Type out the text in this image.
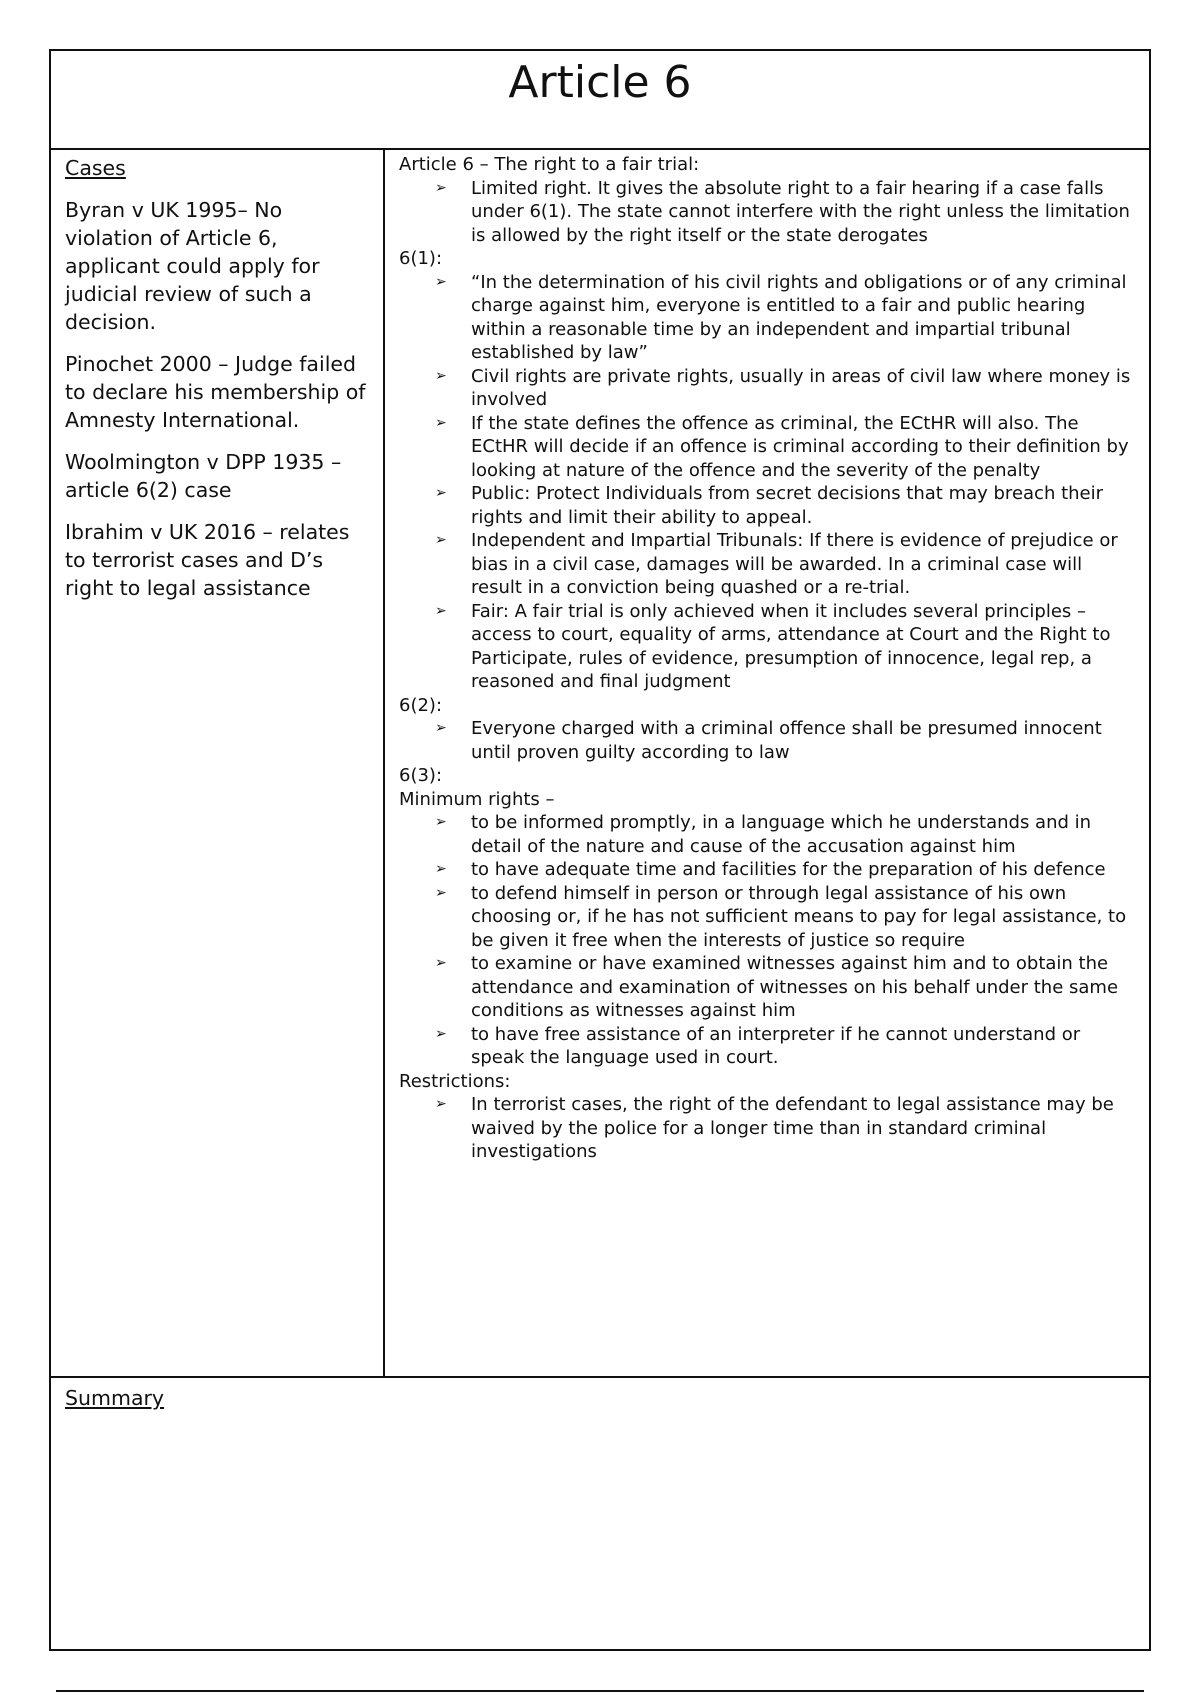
Article 6

Cases

Byran v UK 1995– No violation of Article 6, applicant could apply for judicial review of such a decision.

Pinochet 2000 – Judge failed to declare his membership of Amnesty International.

Woolmington v DPP 1935 – article 6(2) case

Ibrahim v UK 2016 – relates to terrorist cases and D’s right to legal assistance

Article 6 – The right to a fair trial:

➢ Limited right. It gives the absolute right to a fair hearing if a case falls under 6(1). The state cannot interfere with the right unless the limitation is allowed by the right itself or the state derogates

6(1):

➢ “In the determination of his civil rights and obligations or of any criminal charge against him, everyone is entitled to a fair and public hearing within a reasonable time by an independent and impartial tribunal established by law”
➢ Civil rights are private rights, usually in areas of civil law where money is involved
➢ If the state defines the offence as criminal, the ECtHR will also. The ECtHR will decide if an offence is criminal according to their definition by looking at nature of the offence and the severity of the penalty
➢ Public: Protect Individuals from secret decisions that may breach their rights and limit their ability to appeal.
➢ Independent and Impartial Tribunals: If there is evidence of prejudice or bias in a civil case, damages will be awarded. In a criminal case will result in a conviction being quashed or a re-trial.
➢ Fair: A fair trial is only achieved when it includes several principles – access to court, equality of arms, attendance at Court and the Right to Participate, rules of evidence, presumption of innocence, legal rep, a reasoned and final judgment

6(2):

➢ Everyone charged with a criminal offence shall be presumed innocent until proven guilty according to law

6(3):

Minimum rights –

➢ to be informed promptly, in a language which he understands and in detail of the nature and cause of the accusation against him
➢ to have adequate time and facilities for the preparation of his defence
➢ to defend himself in person or through legal assistance of his own choosing or, if he has not sufficient means to pay for legal assistance, to be given it free when the interests of justice so require
➢ to examine or have examined witnesses against him and to obtain the attendance and examination of witnesses on his behalf under the same conditions as witnesses against him
➢ to have free assistance of an interpreter if he cannot understand or speak the language used in court.

Restrictions:

➢ In terrorist cases, the right of the defendant to legal assistance may be waived by the police for a longer time than in standard criminal investigations

Summary
